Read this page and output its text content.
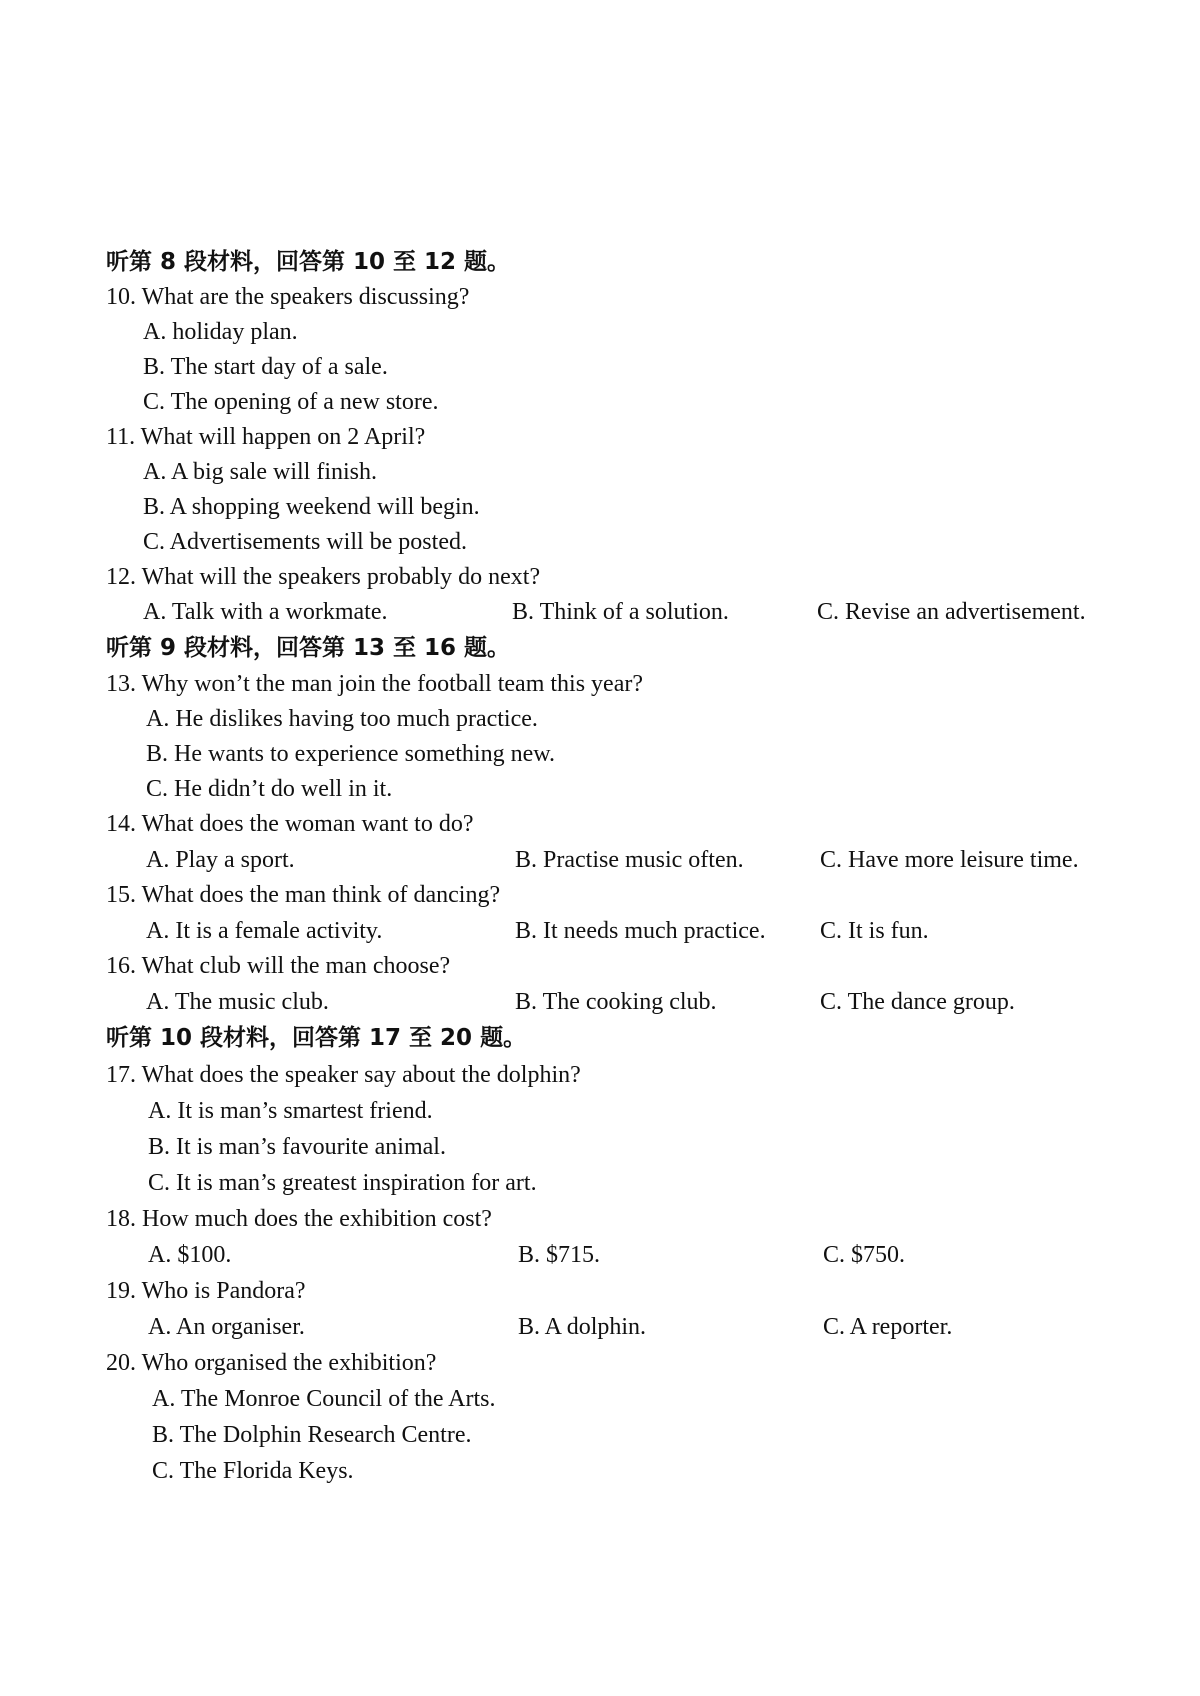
听第 8 段材料，回答第 10 至 12 题。
10. What are the speakers discussing?
A. holiday plan.
B. The start day of a sale.
C. The opening of a new store.
11. What will happen on 2 April?
A. A big sale will finish.
B. A shopping weekend will begin.
C. Advertisements will be posted.
12. What will the speakers probably do next?
A. Talk with a workmate.	B. Think of a solution.	C. Revise an advertisement.
听第 9 段材料，回答第 13 至 16 题。
13. Why won’t the man join the football team this year?
A. He dislikes having too much practice.
B. He wants to experience something new.
C. He didn’t do well in it.
14. What does the woman want to do?
A. Play a sport.	B. Practise music often.	C. Have more leisure time.
15. What does the man think of dancing?
A. It is a female activity.	B. It needs much practice. C. It is fun.
16. What club will the man choose?
A. The music club.	B. The cooking club.	C. The dance group.
听第 10 段材料，回答第 17 至 20 题。
17. What does the speaker say about the dolphin?
A. It is man’s smartest friend.
B. It is man’s favourite animal.
C. It is man’s greatest inspiration for art.
18. How much does the exhibition cost?
A. $100.	B. $715.	C. $750.
19. Who is Pandora?
A. An organiser.	B. A dolphin.	C. A reporter.
20. Who organised the exhibition?
A. The Monroe Council of the Arts.
B. The Dolphin Research Centre.
C. The Florida Keys.
